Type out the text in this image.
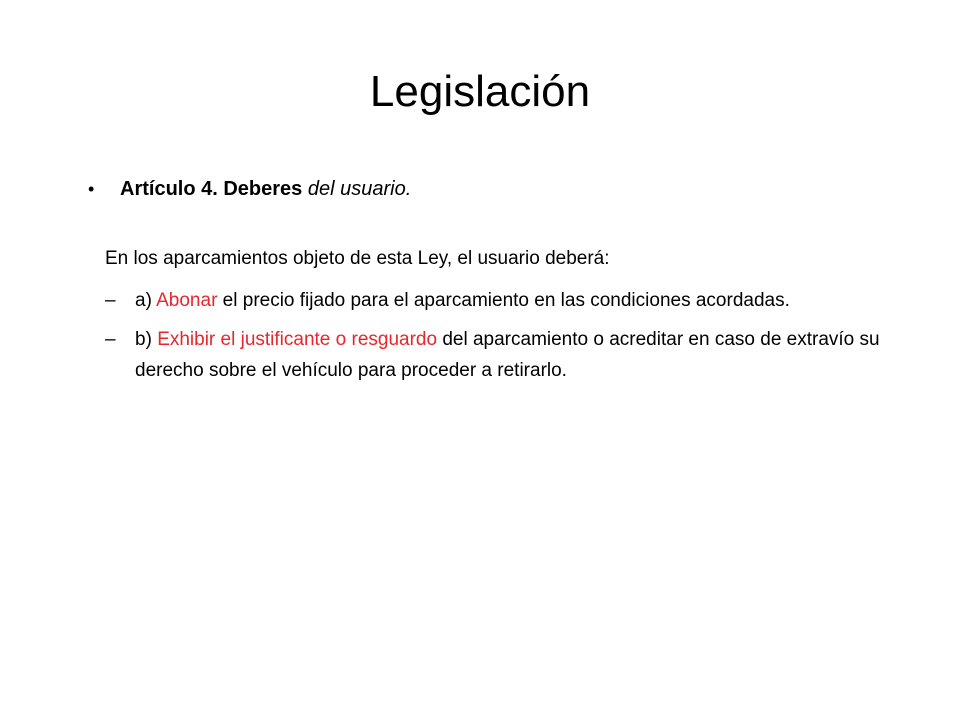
Legislación
• Artículo 4. Deberes del usuario.
En los aparcamientos objeto de esta Ley, el usuario deberá:
– a) Abonar el precio fijado para el aparcamiento en las condiciones acordadas.
– b) Exhibir el justificante o resguardo del aparcamiento o acreditar en caso de extravío su derecho sobre el vehículo para proceder a retirarlo.
